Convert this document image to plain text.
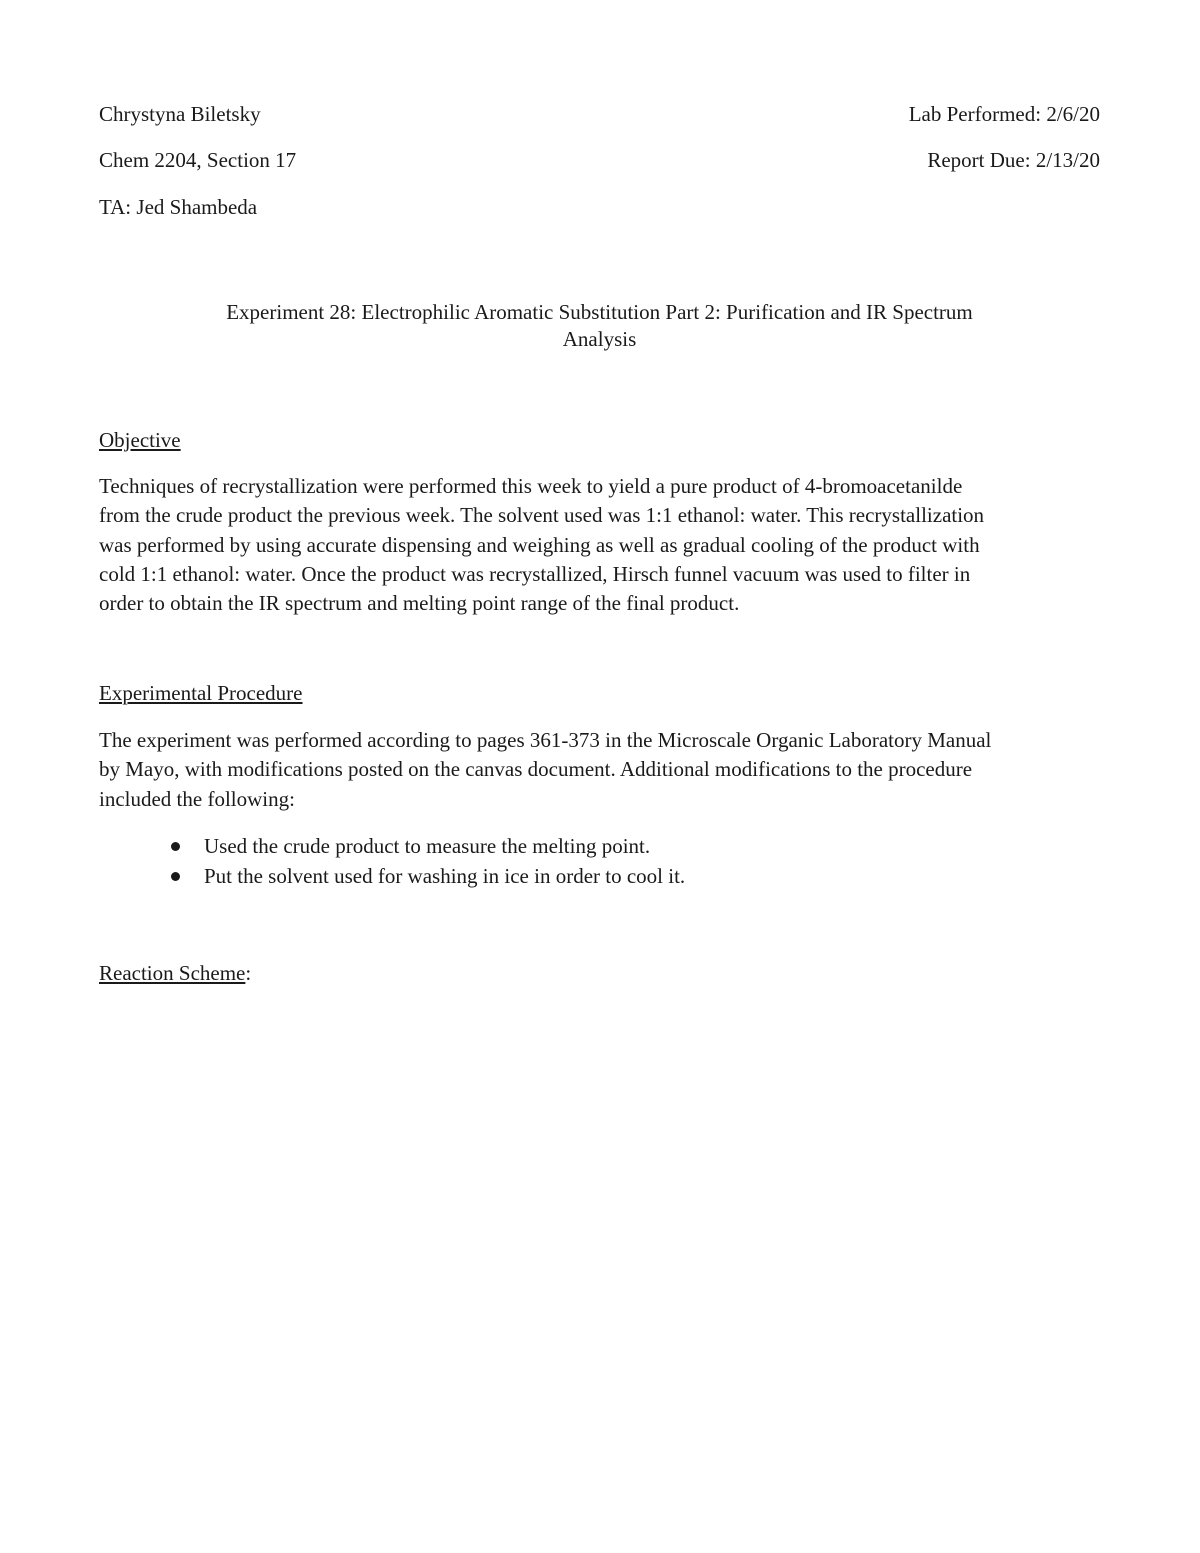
Chrystyna Biletsky	Lab Performed: 2/6/20
Chem 2204, Section 17	Report Due: 2/13/20
TA: Jed Shambeda
Experiment 28: Electrophilic Aromatic Substitution Part 2: Purification and IR Spectrum
Analysis
Objective
Techniques of recrystallization were performed this week to yield a pure product of 4-bromoacetanilde
from the crude product the previous week. The solvent used was 1:1 ethanol: water. This recrystallization
was performed by using accurate dispensing and weighing as well as gradual cooling of the product with
cold 1:1 ethanol: water. Once the product was recrystallized, Hirsch funnel vacuum was used to filter in
order to obtain the IR spectrum and melting point range of the final product.
Experimental Procedure
The experiment was performed according to pages 361-373 in the Microscale Organic Laboratory Manual
by Mayo, with modifications posted on the canvas document. Additional modifications to the procedure
included the following:
Used the crude product to measure the melting point.
Put the solvent used for washing in ice in order to cool it.
Reaction Scheme:
